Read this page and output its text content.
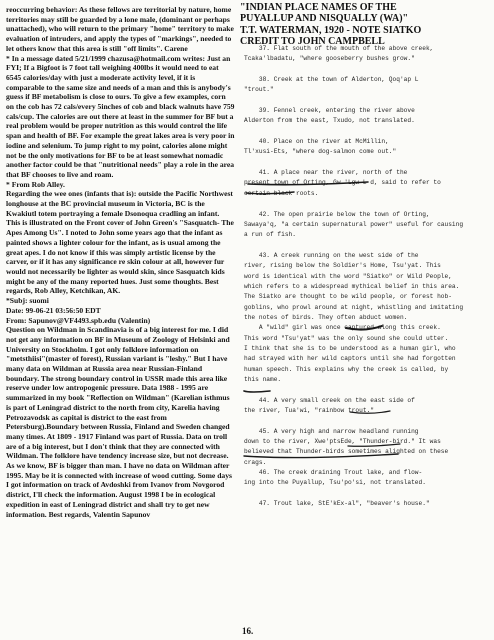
reoccurring behavior: As these fellows are territorial by nature, home territories may still be guarded by a lone male, (dominant or perhaps unattached), who will return to the primary "home" territory to make evaluation of intruders, and apply the types of "markings", needed to let others know that this area is still "off limits". Carene

* In a message dated 5/21/1999 chazusa@hotmail.com writes: Just an FYI; If a Bigfoot is 7 foot tall weighing 400lbs it would need to eat 6545 calories/day with just a moderate activity level, if it is comparable to the same size and needs of a man and this is anybody's guess if BF metabolism is close to ours. To give a few examples, corn on the cob has 72 cals/every 5inches of cob and black walnuts have 759 cals/cup. The calories are out there at least in the summer for BF but a real problem would be proper nutrition as this would control the life span and health of BF. For example the great lakes area is very poor in iodine and selenium. To jump right to my point, calories alone might not be the only motivations for BF to be at least somewhat nomadic another factor could be that "nutritional needs" play a role in the area that BF chooses to live and roam.

* From Rob Alley.

Regarding the wee ones (infants that is): outside the Pacific Northwest longhouse at the BC provincial museum in Victoria, BC is the Kwakiutl totem portraying a female Dsonoqua cradling an infant. This is illustrated on the Front cover of John Green's "Sasquatch- The Apes Among Us". I noted to John some years ago that the infant as painted shows a lighter colour for the infant, as is usual among the great apes. I do not know if this was simply artistic license by the carver, or if it has any significance re skin colour at all, however fur would not necessarily be lighter as would skin, since Sasquatch kids might be any of the many reported hues. Just some thoughts. Best regards, Rob Alley, Ketchikan, AK.

*Subj: suomi

Date: 99-06-21 03:56:50 EDT

From: Sapunov@VF4493.spb.edu (Valentin)

Question on Wildman in Scandinavia is of a big interest for me. I did not get any information on BF in Museum of Zoology of Helsinki and University on Stockholm. I got only folklore information on "metsthiisi"(master of forest), Russian variant is "leshy." But I have many data on Wildman at Russia area near Russian-Finland boundary. The strong boundary control in USSR made this area like reserve under low antropogenic pressure. Data 1988 - 1995 are summarized in my book "Reflection on Wildman" (Karelian isthmus is part of Leningrad district to the north from city, Karelia having Petrozavodsk as capital is district to the east from Petersburg).Boundary between Russia, Finland and Sweden changed many times. At 1809 - 1917 Finland was part of Russia. Data on troll are of a big interest, but I don't think that they are connected with Wildman. The folklore have tendency increase size, but not decrease. As we know, BF is bigger than man. I have no data on Wildman after 1995. May be it is connected with increase of wood cutting. Some days I got information on track of Avdoshki from Ivanov from Novgorod district, I'll check the information. August 1998 I be in ecological expedition in east of Leningrad district and shall try to get new information. Best regards, Valentin Sapunov

"INDIAN PLACE NAMES OF THE
PUYALLUP AND NISQUALLY (WA)"
T.T. WATERMAN, 1920 - NOTE SIATKO
CREDIT TO JOHN CAMPBELL
37. Flat south of the mouth of the above creek,
Tcaka'lbadatu, "where gooseberry bushes grow."
38. Creek at the town of Alderton, Qoq'ap L
"trout."
39. Fennel creek, entering the river above
Alderton from the east, Txudo, not translated.
40. Place on the river at McMillin,
Tl'xusi-Ets, "where dog-salmon come out."
41. A place near the river, north of the
present town of Orting, Gw 'Lgw L d, said to refer to
certain black roots.
42. The open prairie below the town of Orting,
Sawaya'q, "a certain supernatural power" useful for causing
a run of fish.
43. A creek running on the west side of the
river, rising below the Soldier's Home, Tsu'yat. This
word is identical with the word "Siatko" or Wild People,
which refers to a widespread mythical belief in this area.
The Siatko are thought to be wild people, or forest hob-
goblins, who prowl around at night, whistling and imitating
the notes of birds. They often abduct women.
A "wild" girl was once captured along this creek.
This word "Tsu'yat" was the only sound she could utter.
I think that she is to be understood as a human girl, who
had strayed with her wild captors until she had forgotten
human speech. This explains why the creek is called, by
this name.
44. A very small creek on the east side of
the river, Tua'wi, "rainbow trout."
45. A very high and narrow headland running
down to the river, Xwe'ptsEde, "Thunder-bird." It was
believed that Thunder-birds sometimes alighted on these
crags.
46. The creek draining Trout lake, and flow-
ing into the Puyallup, Tsu'po'si, not translated.
47. Trout lake, StE'kEx-al", "beaver's house."
16.
